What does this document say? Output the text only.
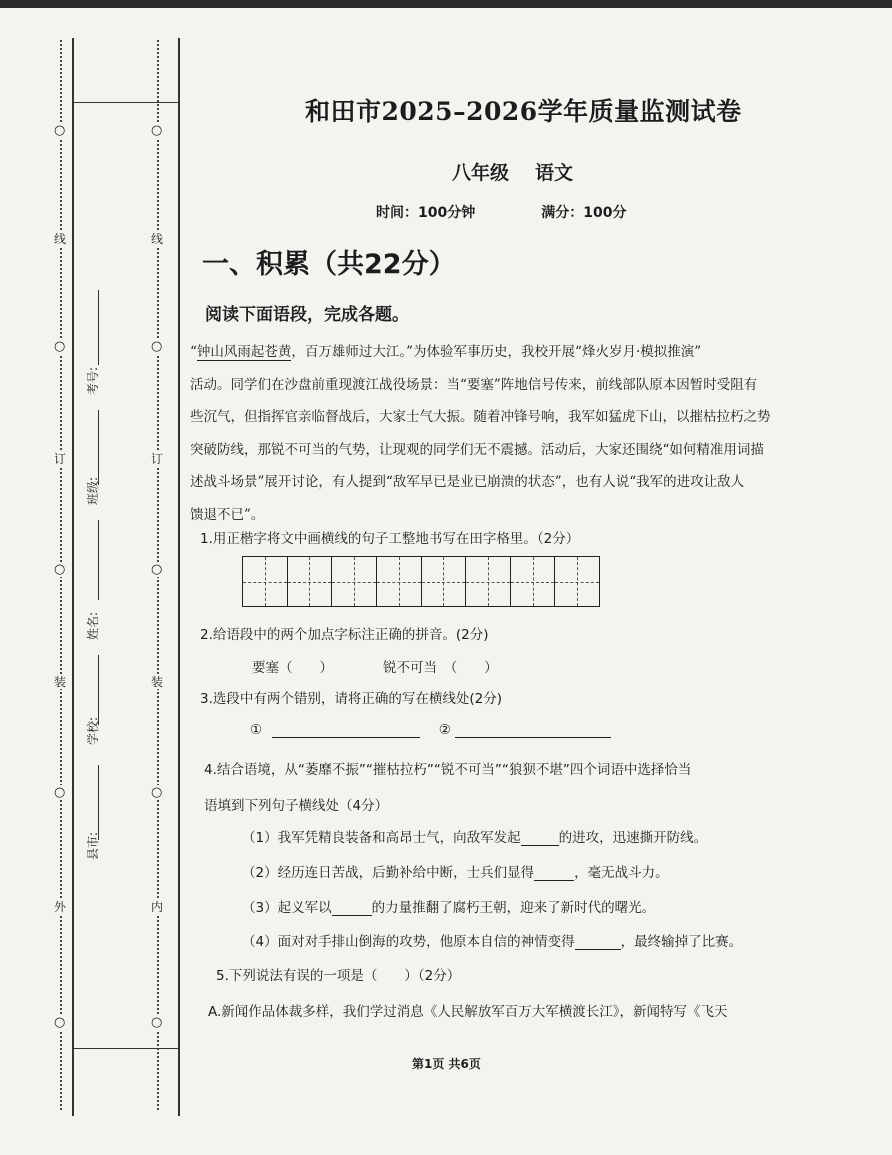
○
○
○
○
○
○
○
○
○
○
线
订
装
外
线
订
装
内
考号:
班级:
姓名:
学校:
县市:
和田市2025–2026学年质量监测试卷
八年级 语文
时间：100分钟	满分：100分
一、积累（共22分）
阅读下面语段，完成各题。
“钟山风雨起苍黄，百万雄师过大江。”为体验军事历史，我校开展“烽火岁月·模拟推演”
活动。同学们在沙盘前重现渡江战役场景：当“要塞”阵地信号传来，前线部队原本因暂时受阻有
些沉气，但指挥官亲临督战后，大家士气大振。随着冲锋号响，我军如猛虎下山，以摧枯拉朽之势
突破防线，那锐不可当的气势，让现观的同学们无不震撼。活动后，大家还围绕“如何精准用词描
述战斗场景”展开讨论，有人提到“敌军早已是业已崩溃的状态”，也有人说“我军的进攻让敌人
馈退不已”。
1.用正楷字将文中画横线的句子工整地书写在田字格里。（2分）
2.给语段中的两个加点字标注正确的拼音。(2分)
要塞（　　）	锐不可当　（　　）
3.选段中有两个错别，请将正确的写在横线处(2分)
①	②
4.结合语境，从“萎靡不振”“摧枯拉朽”“锐不可当”“狼狈不堪”四个词语中选择恰当
语填到下列句子横线处（4分）
（1）我军凭精良装备和高昂士气，向敌军发起	的进攻，迅速撕开防线。
（2）经历连日苦战，后勤补给中断，士兵们显得	，毫无战斗力。
（3）起义军以	的力量推翻了腐朽王朝，迎来了新时代的曙光。
（4）面对对手排山倒海的攻势，他原本自信的神情变得	，最终输掉了比赛。
5.下列说法有误的一项是（　　）（2分）
A.新闻作品体裁多样，我们学过消息《人民解放军百万大军横渡长江》，新闻特写《飞天
第1页 共6页
